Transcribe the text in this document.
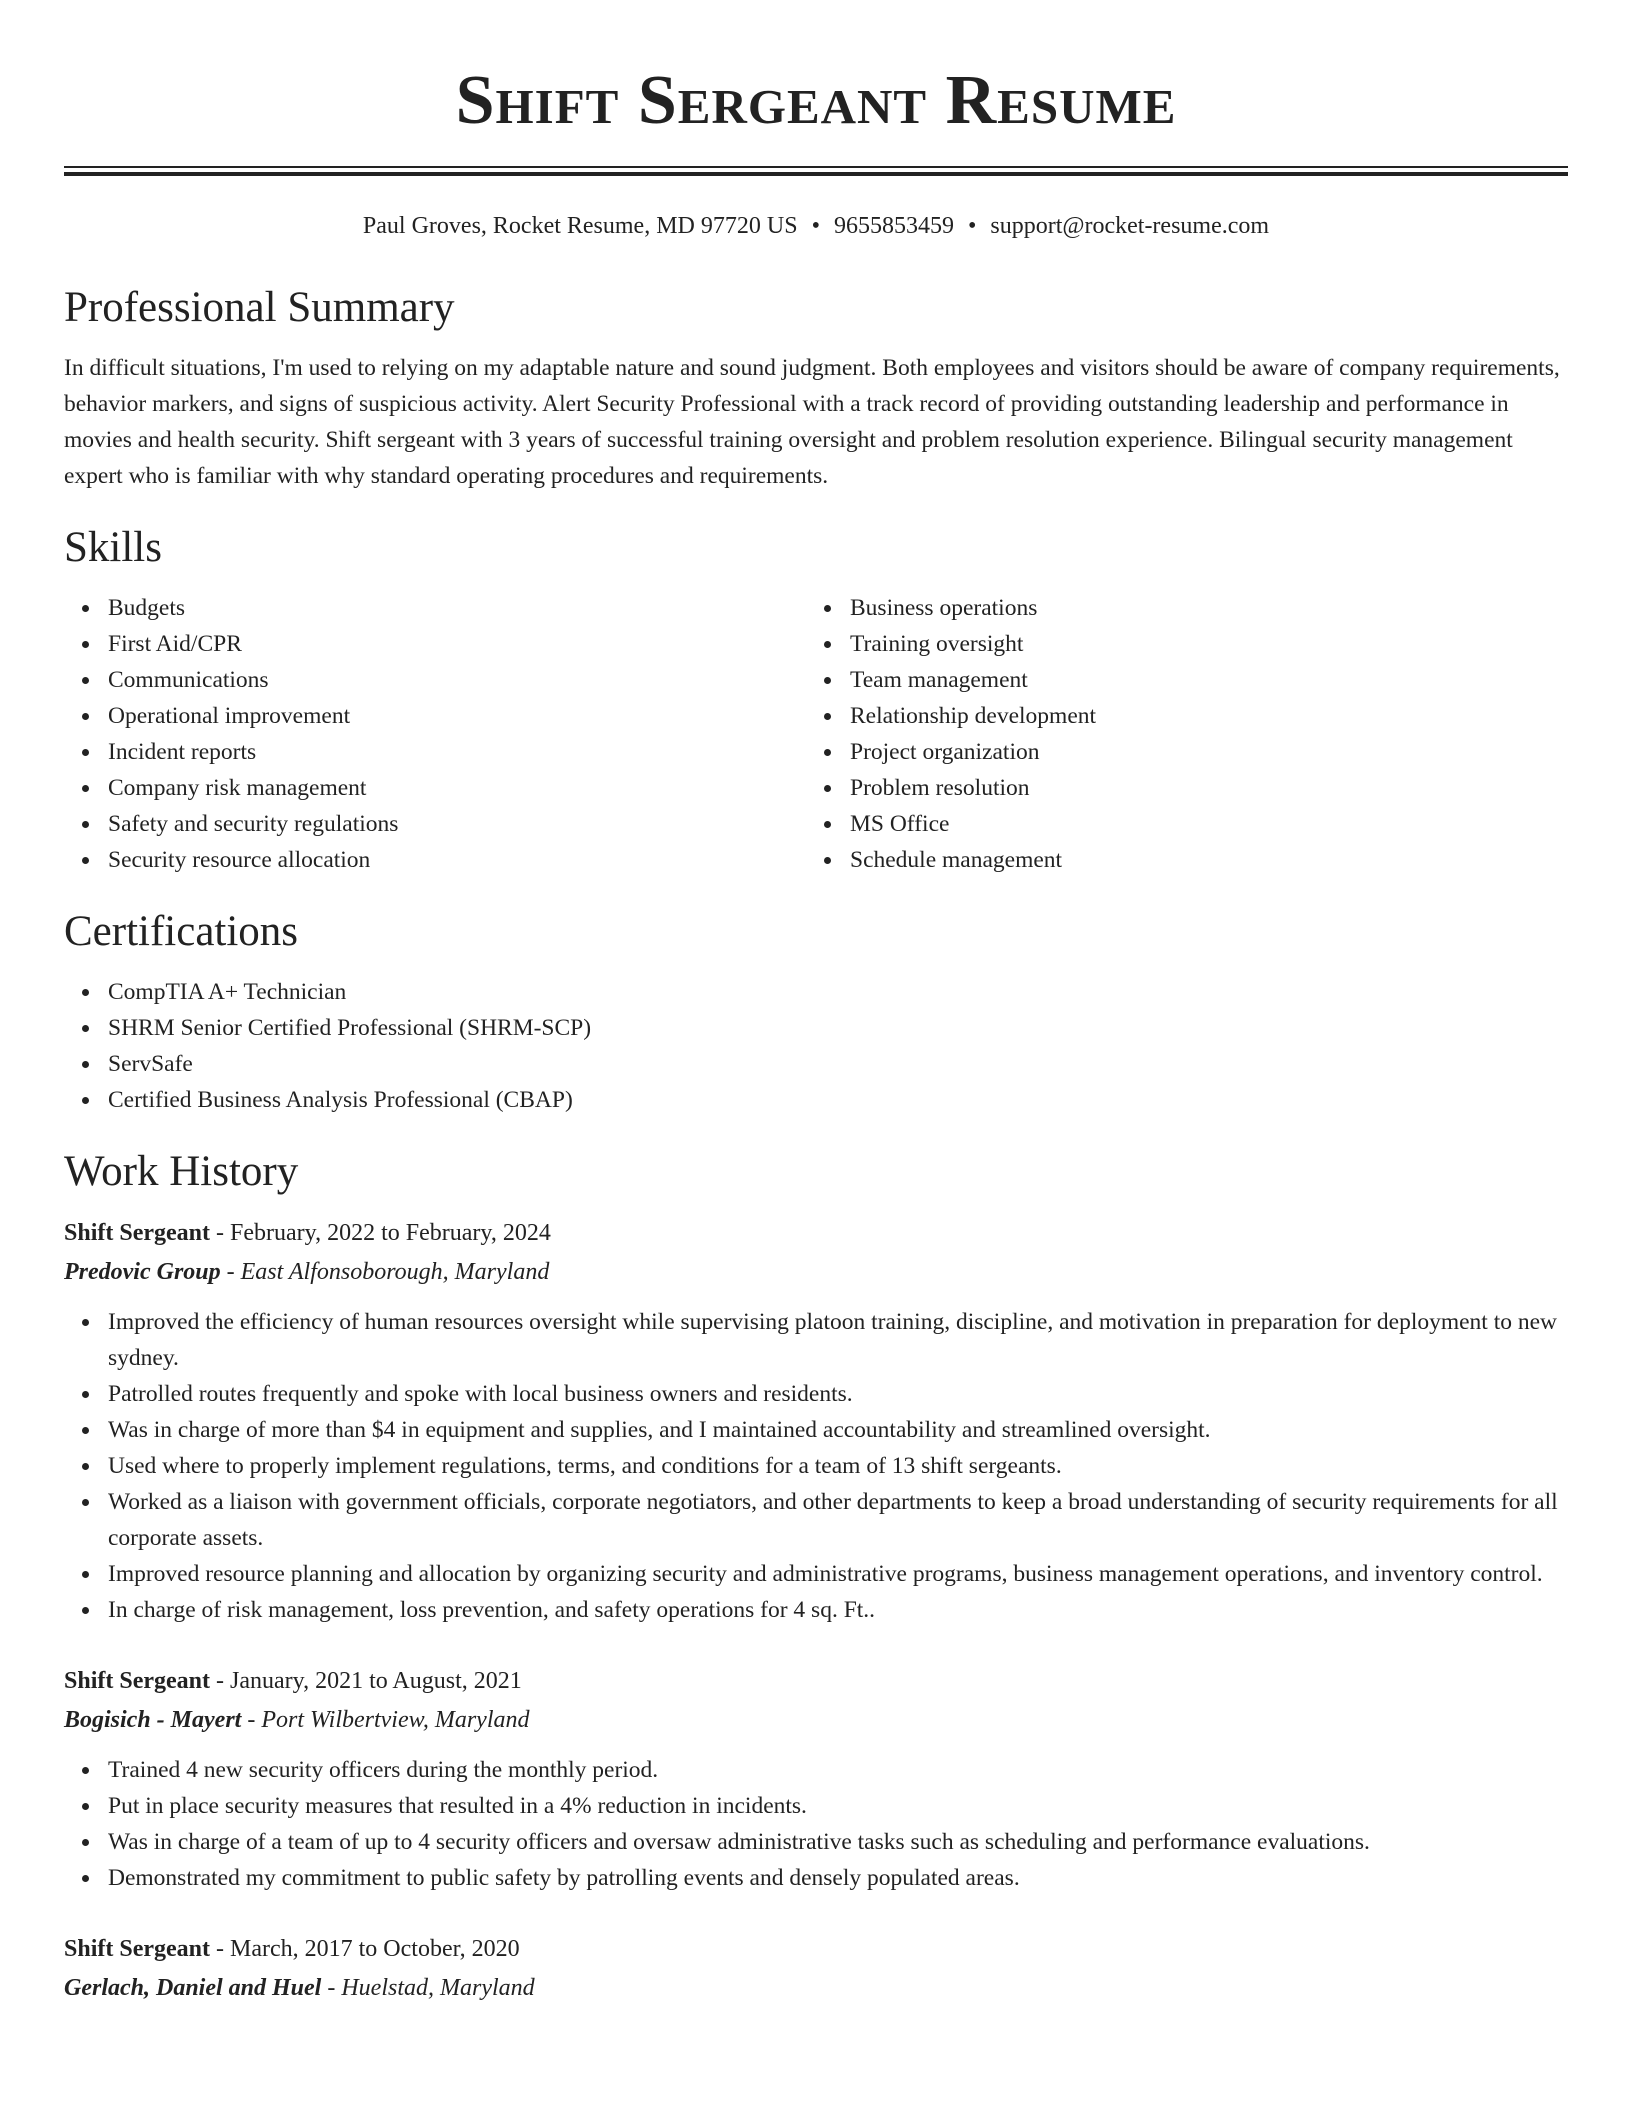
Shift Sergeant Resume
Paul Groves, Rocket Resume, MD 97720 US • 9655853459 • support@rocket-resume.com
Professional Summary

In difficult situations, I'm used to relying on my adaptable nature and sound judgment. Both employees and visitors should be aware of company requirements, behavior markers, and signs of suspicious activity. Alert Security Professional with a track record of providing outstanding leadership and performance in movies and health security. Shift sergeant with 3 years of successful training oversight and problem resolution experience. Bilingual security management expert who is familiar with why standard operating procedures and requirements.

Skills
Budgets
First Aid/CPR
Communications
Operational improvement
Incident reports
Company risk management
Safety and security regulations
Security resource allocation
Business operations
Training oversight
Team management
Relationship development
Project organization
Problem resolution
MS Office
Schedule management
Certifications
CompTIA A+ Technician
SHRM Senior Certified Professional (SHRM-SCP)
ServSafe
Certified Business Analysis Professional (CBAP)
Work History
Shift Sergeant - February, 2022 to February, 2024
Predovic Group - East Alfonsoborough, Maryland
Improved the efficiency of human resources oversight while supervising platoon training, discipline, and motivation in preparation for deployment to new sydney.
Patrolled routes frequently and spoke with local business owners and residents.
Was in charge of more than $4 in equipment and supplies, and I maintained accountability and streamlined oversight.
Used where to properly implement regulations, terms, and conditions for a team of 13 shift sergeants.
Worked as a liaison with government officials, corporate negotiators, and other departments to keep a broad understanding of security requirements for all corporate assets.
Improved resource planning and allocation by organizing security and administrative programs, business management operations, and inventory control.
In charge of risk management, loss prevention, and safety operations for 4 sq. Ft..
Shift Sergeant - January, 2021 to August, 2021
Bogisich - Mayert - Port Wilbertview, Maryland
Trained 4 new security officers during the monthly period.
Put in place security measures that resulted in a 4% reduction in incidents.
Was in charge of a team of up to 4 security officers and oversaw administrative tasks such as scheduling and performance evaluations.
Demonstrated my commitment to public safety by patrolling events and densely populated areas.
Shift Sergeant - March, 2017 to October, 2020
Gerlach, Daniel and Huel - Huelstad, Maryland
